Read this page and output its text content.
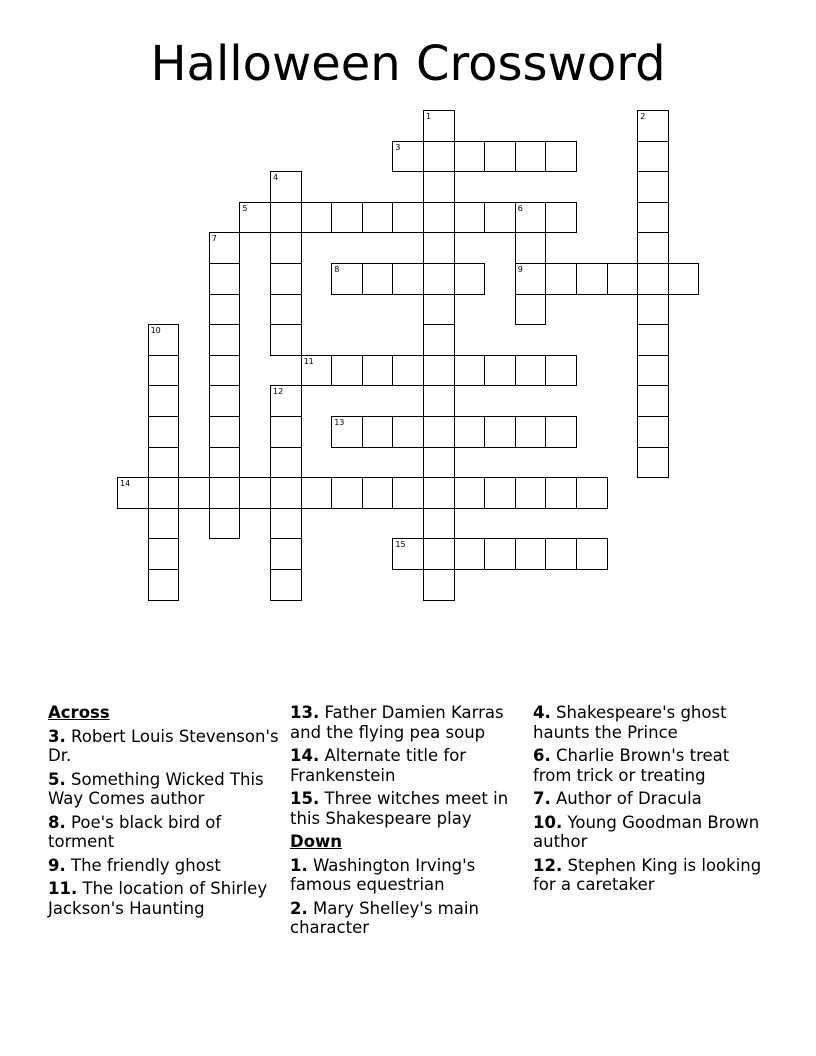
Halloween Crossword
1	2
3
4
5	6
9
7
8
10
11
12
13
14
15
Across
3. Robert Louis Stevenson's Dr.
5. Something Wicked This Way Comes author
8. Poe's black bird of torment
9. The friendly ghost
11. The location of Shirley Jackson's Haunting
13. Father Damien Karras and the flying pea soup
14. Alternate title for Frankenstein
15. Three witches meet in this Shakespeare play
Down
1. Washington Irving's famous equestrian
2. Mary Shelley's main character
4. Shakespeare's ghost haunts the Prince
6. Charlie Brown's treat from trick or treating
7. Author of Dracula
10. Young Goodman Brown author
12. Stephen King is looking for a caretaker
